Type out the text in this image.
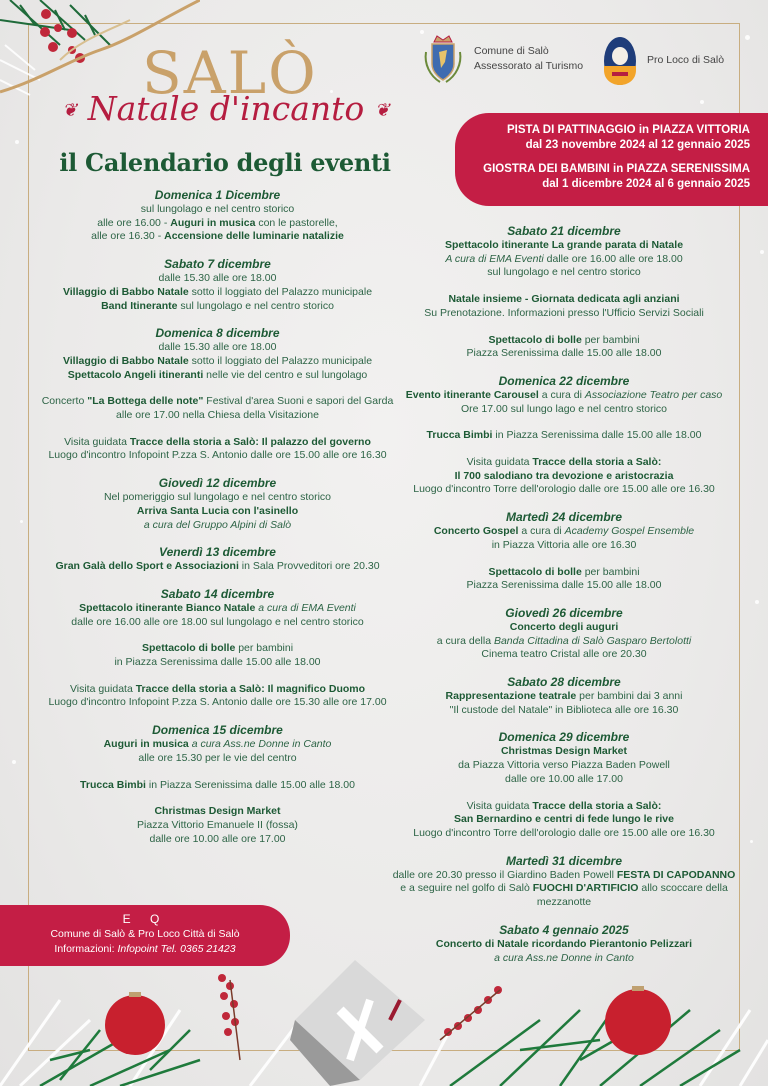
SALÒ
❦ Natale d'incanto ❦
il Calendario degli eventi
Comune di Salò
Assessorato al Turismo	Pro Loco di Salò
PISTA DI PATTINAGGIO in PIAZZA VITTORIA
dal 23 novembre 2024 al 12 gennaio 2025
GIOSTRA DEI BAMBINI in PIAZZA SERENISSIMA
dal 1 dicembre 2024 al 6 gennaio 2025
Domenica 1 Dicembre
sul lungolago e nel centro storico
alle ore 16.00 - Auguri in musica con le pastorelle,
alle ore 16.30 - Accensione delle luminarie natalizie
Sabato 7 dicembre
dalle 15.30 alle ore 18.00
Villaggio di Babbo Natale sotto il loggiato del Palazzo municipale
Band Itinerante sul lungolago e nel centro storico
Domenica 8 dicembre
dalle 15.30 alle ore 18.00
Villaggio di Babbo Natale sotto il loggiato del Palazzo municipale
Spettacolo Angeli itineranti nelle vie del centro e sul lungolago
Concerto "La Bottega delle note" Festival d'area Suoni e sapori del Garda
alle ore 17.00 nella Chiesa della Visitazione
Visita guidata Tracce della storia a Salò: Il palazzo del governo
Luogo d'incontro Infopoint P.zza S. Antonio dalle ore 15.00 alle ore 16.30
Giovedì 12 dicembre
Nel pomeriggio sul lungolago e nel centro storico
Arriva Santa Lucia con l'asinello
a cura del Gruppo Alpini di Salò
Venerdì 13 dicembre
Gran Galà dello Sport e Associazioni in Sala Provveditori ore 20.30
Sabato 14 dicembre
Spettacolo itinerante Bianco Natale a cura di EMA Eventi
dalle ore 16.00 alle ore 18.00 sul lungolago e nel centro storico
Spettacolo di bolle per bambini
in Piazza Serenissima dalle 15.00 alle 18.00
Visita guidata Tracce della storia a Salò: Il magnifico Duomo
Luogo d'incontro Infopoint P.zza S. Antonio dalle ore 15.30 alle ore 17.00
Domenica 15 dicembre
Auguri in musica a cura Ass.ne Donne in Canto
alle ore 15.30 per le vie del centro
Trucca Bimbi in Piazza Serenissima dalle 15.00 alle 18.00
Christmas Design Market
Piazza Vittorio Emanuele II (fossa)
dalle ore 10.00 alle ore 17.00
Sabato 21 dicembre
Spettacolo itinerante La grande parata di Natale
A cura di EMA Eventi dalle ore 16.00 alle ore 18.00
sul lungolago e nel centro storico
Natale insieme - Giornata dedicata agli anziani
Su Prenotazione. Informazioni presso l'Ufficio Servizi Sociali
Spettacolo di bolle per bambini
Piazza Serenissima dalle 15.00 alle 18.00
Domenica 22 dicembre
Evento itinerante Carousel a cura di Associazione Teatro per caso
Ore 17.00 sul lungo lago e nel centro storico
Trucca Bimbi in Piazza Serenissima dalle 15.00 alle 18.00
Visita guidata Tracce della storia a Salò:
Il 700 salodiano tra devozione e aristocrazia
Luogo d'incontro Torre dell'orologio dalle ore 15.00 alle ore 16.30
Martedì 24 dicembre
Concerto Gospel a cura di Academy Gospel Ensemble
in Piazza Vittoria alle ore 16.30
Spettacolo di bolle per bambini
Piazza Serenissima dalle 15.00 alle 18.00
Giovedì 26 dicembre
Concerto degli auguri
a cura della Banda Cittadina di Salò Gasparo Bertolotti
Cinema teatro Cristal alle ore 20.30
Sabato 28 dicembre
Rappresentazione teatrale per bambini dai 3 anni
"Il custode del Natale" in Biblioteca alle ore 16.30
Domenica 29 dicembre
Christmas Design Market
da Piazza Vittoria verso Piazza Baden Powell
dalle ore 10.00 alle 17.00
Visita guidata Tracce della storia a Salò:
San Bernardino e centri di fede lungo le rive
Luogo d'incontro Torre dell'orologio dalle ore 15.00 alle ore 16.30
Martedì 31 dicembre
dalle ore 20.30 presso il Giardino Baden Powell FESTA DI CAPODANNO
e a seguire nel golfo di Salò FUOCHI D'ARTIFICIO allo scoccare della mezzanotte
Sabato 4 gennaio 2025
Concerto di Natale ricordando Pierantonio Pelizzari
a cura Ass.ne Donne in Canto
E Q
Comune di Salò & Pro Loco Città di Salò
Informazioni: Infopoint Tel. 0365 21423
